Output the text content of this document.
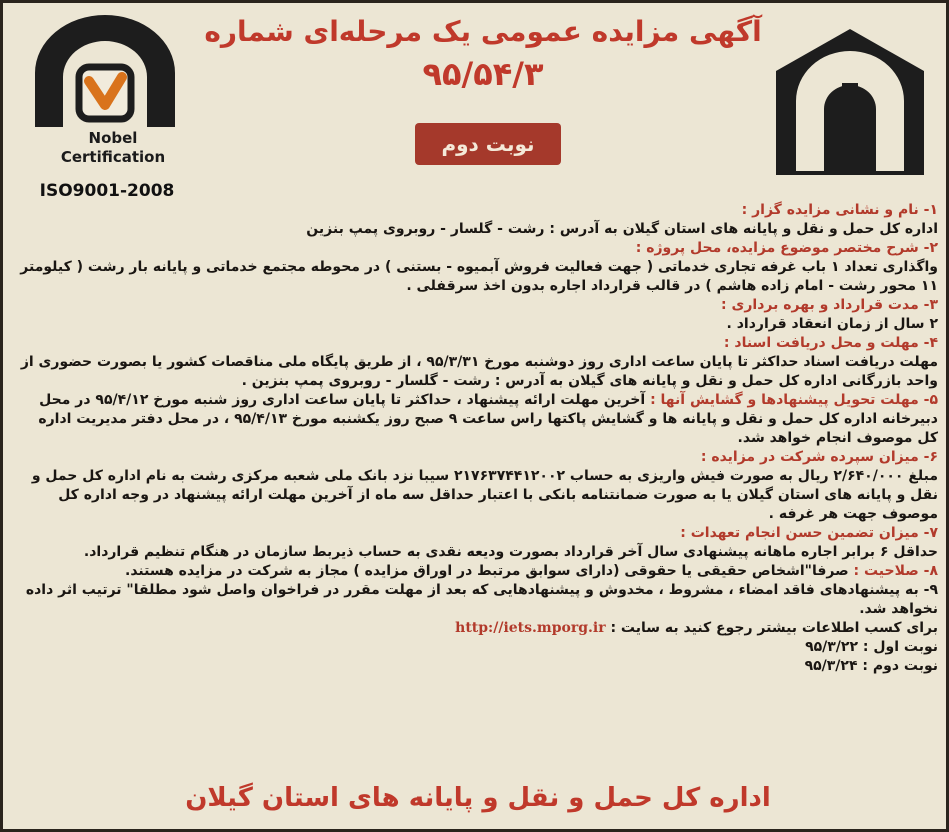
Nobel
Certification
ISO9001-2008
آگهی مزایده عمومی یک مرحله‌ای شماره
۹۵/۵۴/۳
نوبت دوم

۱- نام و نشانی مزایده گزار :

اداره کل حمل و نقل و پایانه های استان گیلان به آدرس : رشت - گلسار - روبروی پمپ بنزین

۲- شرح مختصر موضوع مزایده، محل پروژه :

واگذاری تعداد ۱ باب غرفه تجاری خدماتی ( جهت فعالیت فروش آبمیوه - بستنی ) در محوطه مجتمع خدماتی و پایانه بار رشت ( کیلومتر ۱۱ محور رشت - امام زاده هاشم ) در قالب قرارداد اجاره بدون اخذ سرقفلی .

۳- مدت قرارداد و بهره برداری :

۲ سال از زمان انعقاد قرارداد .

۴- مهلت و محل دریافت اسناد :

مهلت دریافت اسناد حداکثر تا پایان ساعت اداری روز دوشنبه مورخ ۹۵/۳/۳۱ ، از طریق پایگاه ملی مناقصات کشور یا بصورت حضوری از واحد بازرگانی اداره کل حمل و نقل و پایانه های گیلان به آدرس : رشت - گلسار - روبروی پمپ بنزین .

۵- مهلت تحویل پیشنهادها و گشایش آنها : آخرین مهلت ارائه پیشنهاد ، حداکثر تا پایان ساعت اداری روز شنبه مورخ ۹۵/۴/۱۲ در محل دبیرخانه اداره کل حمل و نقل و پایانه ها و گشایش پاکتها راس ساعت ۹ صبح روز یکشنبه مورخ ۹۵/۴/۱۳ ، در محل دفتر مدیریت اداره کل موصوف انجام خواهد شد.

۶- میزان سپرده شرکت در مزایده :

مبلغ ۲/۶۴۰/۰۰۰ ریال به صورت فیش واریزی به حساب ۲۱۷۶۳۷۴۴۱۲۰۰۲ سیبا نزد بانک ملی شعبه مرکزی رشت به نام اداره کل حمل و نقل و پایانه های استان گیلان یا به صورت ضمانتنامه بانکی با اعتبار حداقل سه ماه از آخرین مهلت ارائه پیشنهاد در وجه اداره کل موصوف جهت هر غرفه .

۷- میزان تضمین حسن انجام تعهدات :

حداقل ۶ برابر اجاره ماهانه پیشنهادی سال آخر قرارداد بصورت ودیعه نقدی به حساب ذیربط سازمان در هنگام تنظیم قرارداد.

۸- صلاحیت : صرفا"اشخاص حقیقی یا حقوقی (دارای سوابق مرتبط در اوراق مزایده ) مجاز به شرکت در مزایده هستند.

۹- به پیشنهادهای فاقد امضاء ، مشروط ، مخدوش و پیشنهادهایی که بعد از مهلت مقرر در فراخوان واصل شود مطلقا" ترتیب اثر داده نخواهد شد.

برای کسب اطلاعات بیشتر رجوع کنید به سایت : http://iets.mporg.ir

نوبت اول : ۹۵/۳/۲۲

نوبت دوم : ۹۵/۳/۲۴

اداره کل حمل و نقل و پایانه های استان گیلان
